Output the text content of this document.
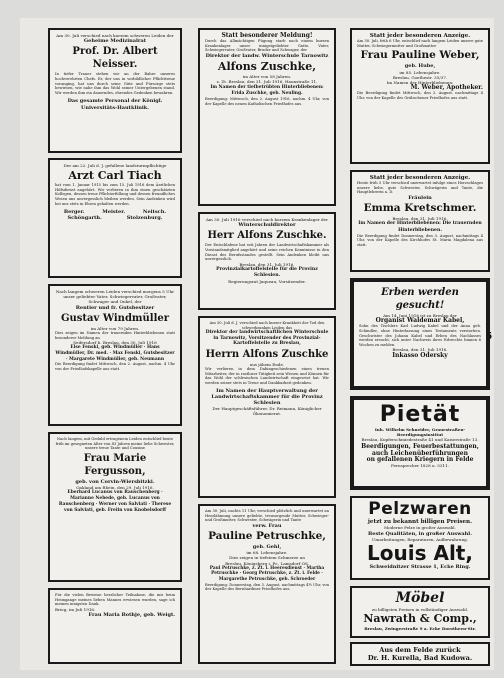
Am 30. Juli verschied nach kurzem schweren Leiden der
Geheime Medizinalrat
Prof. Dr. Albert Neisser.
In tiefer Trauer stehen wir an der Bahre unseres hochverehrten Chefs. Er, der uns in vorbildlicher Pflichttreue voranging, hat uns durch seine Güte und Fürsorge stets bewiesen, wie nahe ihm das Wohl seiner Untergebenen stand. Wir werden ihm ein dauerndes, ehrendes Gedenken bewahren.
Das gesamte Personal der Königl. Universitäts-Hautklinik.
Der am 22. Juli d. J. gefallene landsturmpflichtige
Arzt Carl Tiach
hat vom 1. Januar 1915 bis zum 15. Juli 1916 dem Ärztlichen Hilfsdienst angehört. Wir verlieren in ihm einen geschätzten Kollegen, dessen treue Pflichterfüllung und dessen freundliches Wesen uns unvergesslich bleiben werden. Sein Andenken wird bei uns stets in Ehren gehalten werden.
Berger.	Meister.	Neitsch.
Schöngarth.	Stolzenburg.
Nach langem schweren Leiden verschied morgens 5 Uhr unser geliebter Vater, Schwiegervater, Großvater, Schwager und Onkel, der
Rentier und fr. Gutsbesitzer
Gustav Windmüller
im Alter von 79 Jahren.
Dies zeigen im Namen der trauernden Hinterbliebenen statt besonderer Meldung an
Seifersdorf b. Breslau, den 30. Juli 1916
Else Fenski, geb. Windmüller · Hans Windmüller, Dr. med. · Max Fenski, Gutsbesitzer · Margarete Windmüller, geb. Neumann
Die Beerdigung findet Mittwoch, den 2. August, nachm. 4 Uhr von der Friedhofskapelle aus statt.
Nach langem, mit Geduld ertragenem Leiden entschlief heute früh im gesegneten Alter von 83 Jahren meine liebe Schwester, unsere treue Tante und Cousine
Frau Marie Fergusson,
geb. von Corvin-Wiersbitzki.
Oakland am Rhein, den 29. Juli 1916.
Eberhard Lucanus von Rauschenberg · Marianne Nebede, geb. Lucanus von Rauschenberg · Werner von Salviati · Therese von Salviati, geb. Freiin von Knobelsdorff
Für die vielen Beweise herzlicher Teilnahme, die mir beim Heimgange meines lieben Mannes erwiesen wurden, sage ich meinen innigsten Dank.
Brieg, im Juli 1916.
Frau Maria Bothje, geb. Weigt.
Statt besonderer Meldung!
Durch das Allmächtigen Fügung starb nach einem kurzen Krankenlager unser innigstgeliebter Gatte, Vater, Schwiegervater, Großvater, Bruder und Schwager, der
Direktor der landw. Winterschule Tarnowitz
Alfons Zuschke,
im Alter von 58 Jahren.
z. Zt. Breslau, den 31. Juli 1916, Haunstraße 11.
Im Namen der tiefbetrübten Hinterbliebenen: Frida Zuschke, geb. Neuling.
Beerdigung: Mittwoch, den 2. August 1916, nachm. 4 Uhr, von der Kapelle des neuen Katholischen Friedhofes aus.
Am 30. Juli 1916 verschied nach kurzem Krankenlager der
Winterschuldirektor
Herr Alfons Zuschke.
Der Entschlafene hat seit Jahren der Landwirtschaftskammer als Vorstandsmitglied angehört und seine reichen Kenntnisse in den Dienst des Berufsstandes gestellt. Sein Andenken bleibt uns unvergesslich.
Breslau, den 31. Juli 1916.
Provinzialkartoffelstelle für die Provinz Schlesien.
Regierungsrat Jaqueau, Vorsitzender.
Am 30. Juli d. J. verschied nach kurzer Krankheit der Tod den schwerkranken Leiden das
Direktor der landwirtschaftlichen Winterschule in Tarnowitz, Vorsitzender des Provinzial-Kartoffelstelle zu Breslau,
Herrn Alfons Zuschke
aus jähem Ende.
Wir verlieren in dem Dahingeschiedenen einen treuen Mitarbeiter, der in rastloser Tätigkeit sein Wissen und Können für das Wohl der schlesischen Landwirtschaft eingesetzt hat. Wir werden seiner stets in Treue und Dankbarkeit gedenken.
Im Namen der Hauptverwaltung der Landwirtschaftskammer für die Provinz Schlesien
Der Hauptgeschäftsführer. Dr. Reimann, Königlicher Ökonomierat.
Am 30. Juli, nachts 11 Uhr, verschied plötzlich und unerwartet an Herzlähmung unsere geliebte, treusorgende Mutter, Schwieger- und Großmutter, Schwester, Schwägerin und Tante
verw. Frau
Pauline Petruschke,
geb. Gehl,
im 68. Lebensjahre.
Dies zeigen in tiefstem Schmerze an
Breslau, Königsberg i. Pr., Lamsdorf OS.
Paul Petruschke, z. Zt. i. Heeresdienst · Martha Petruschke · Georg Petruschke, z. Zt. i. Felde · Margarethe Petruschke, geb. Schroeder
Beerdigung: Donnerstag, den 3. August, nachmittags 4½ Uhr, von der Kapelle des Bernhardiner Friedhofes aus.
Statt jeder besonderen Anzeige.
Am 30. Juli, früh 6 Uhr, entschlief nach langem Leiden unsere gute Mutter, Schwiegermutter und Großmutter
Frau Pauline Weber,
geb. Hube,
im 85. Lebensjahre.
Breslau, Goethestr. 35/37.
Im Namen der Hinterbliebenen:
M. Weber, Apotheker.
Die Beerdigung findet Mittwoch, den 2. August, nachmittags 4 Uhr, von der Kapelle des Gräbschener Friedhofes aus statt.
Statt jeder besonderen Anzeige.
Heute früh 5 Uhr verschied unerwartet infolge eines Herzschlages unsere liebe, gute Schwester, Schwägerin und Tante, die Hauptlehrerin a. D.
Fräulein
Emma Kretschmer.
Breslau, den 31. Juli 1916.
Im Namen der Hinterbliebenen: Die trauernden Hinterbliebenen.
Die Beerdigung findet Donnerstag, den 3. August, nachmittags 4 Uhr, von der Kapelle des Kirchhofes St. Maria Magdalena aus statt.
Erben werden gesucht!
Am 14. Juni 1916 ist zu Breslau der
Organist Waldemar Kabel,
Sohn des Tischlers Karl Ludwig Kabel und der Anna geb. Schindler, ohne Hinterlassung eines Testaments verstorben. Geschwister des Johann Kabel und Erben des Nachlasses werden ersucht, sich unter Nachweis ihres Erbrechts binnen 6 Wochen zu melden.
Breslau, den 31. Juli 1916.
Inkasso Odersky
Pietät
Inh. Wilhelm Schneider, Grauestraßen-Beerdigungsinstitut
Breslau, Kupferschmiedestraße 41 und Kaiserstraße 13.
Beerdigungen, Feuerbestattungen, auch Leichenüberführungen
on gefallenen Kriegern in Felde
Fernsprecher 1828 u. 5311.
Pelzwaren
jetzt zu bekannt billigen Preisen.
Moderne Pelze in großer Auswahl.
Beste Qualitäten, in großer Auswahl.
Umarbeitungen, Reparaturen, Aufbewahrung.
Louis Alt,
Schweidnitzer Strasse 1, Ecke Ring.
Möbel
zu billigsten Preisen in vollständiger Auswahl.
Nawrath & Comp.,
Breslau, Zwingerstraße 9 a. Ecke Dorotheen-Str.
Aus dem Felde zurück
Dr. H. Kurella, Bad Kudowa.
5
